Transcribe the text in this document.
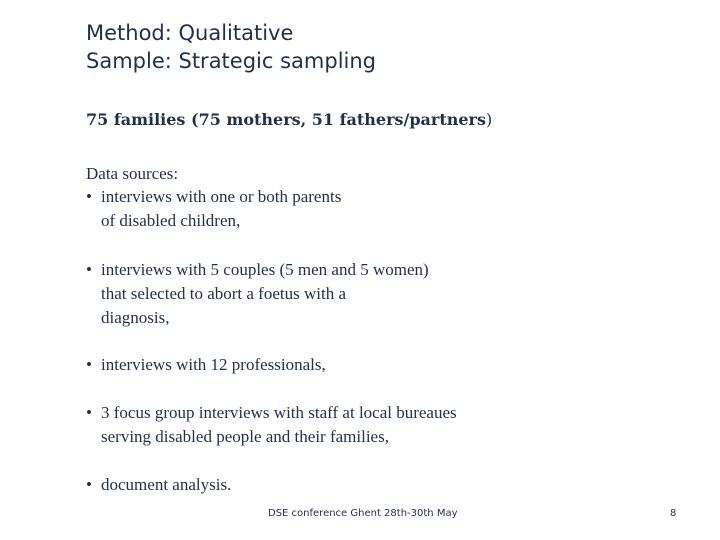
Method: Qualitative
Sample: Strategic sampling
75 families (75 mothers, 51 fathers/partners)
Data sources:
• interviews with one or both parents
of disabled children,
• interviews with 5 couples (5 men and 5 women)
that selected to abort a foetus with a
diagnosis,
• interviews with 12 professionals,
• 3 focus group interviews with staff at local bureaues
serving disabled people and their families,
• document analysis.
DSE conference Ghent 28th-30th May	8
